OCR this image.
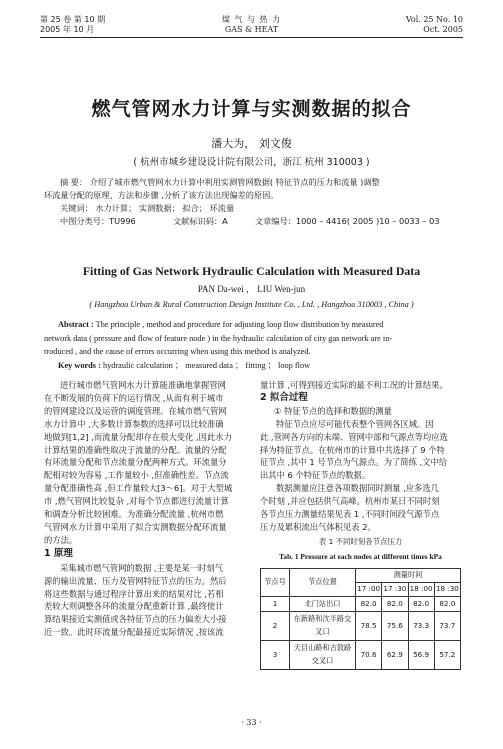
第 25 卷 第 10 期
2005 年 10 月
煤 气 与 热 力
GAS & HEAT
Vol. 25 No. 10
Oct. 2005
燃气管网水力计算与实测数据的拟合
潘大为， 刘文俊
( 杭州市城乡建设设计院有限公司，浙江 杭州 310003 )
摘 要： 介绍了城市燃气管网水力计算中利用实测管网数据( 特征节点的压力和流量 )调整
环流量分配的原理、方法和步骤 ,分析了该方法出现偏差的原因。
关键词： 水力计算； 实测数据； 拟合； 环流量
中图分类号：TU996	文献标识码：A	文章编号：1000 – 4416( 2005 )10 – 0033 – 03
Fitting of Gas Network Hydraulic Calculation with Measured Data
PAN Da-wei ， LIU Wen-jun
( Hangzhou Urban & Rural Construction Design Institute Co. , Ltd. , Hangzhou 310003 , China )
Abstract : The principle , method and procedure for adjusting loop flow distribution by measured
network data ( pressure and flow of feature node ) in the hydraulic calculation of city gas network are in-
troduced , and the cause of errors occurring when using this method is analyzed.
Key words : hydraulic calculation ； measured data ； fitting ； loop flow
进行城市燃气管网水力计算能准确地掌握管网
在不断发展的负荷下的运行情况 ,从而有利于城市
的管网建设以及运营的调度管理。在城市燃气管网
水力计算中 ,大多数计算参数的选择可以比较准确
地做到[1,2] ,而流量分配却存在很大变化 ,因此水力
计算结果的准确性取决于流量的分配。流量的分配
有环流量分配和节点流量分配两种方式。环流量分
配相对较为容易 ,工作量较小 ,但准确性差。节点流
量分配准确性高 ,但工作量较大[3～6]。对于大型城
市 ,燃气管网比较复杂 ,对每个节点都进行流量计算
和调查分析比较困难。为准确分配流量 ,杭州市燃
气管网水力计算中采用了拟合实测数据分配环流量
的方法。
1 原理
采集城市燃气管网的数据 ,主要是某一时刻气
源的输出流量、压力及管网特征节点的压力。然后
将这些数据与通过程序计算出来的结果对比 ,若相
差较大则调整各环的流量分配重新计算 ,最终使计
算结果接近实测值或各特征节点的压力偏差大小接
近一致。此时环流量分配最接近实际情况 ,按该流
量计算 ,可得到接近实际的最不利工况的计算结果。
2 拟合过程
① 特征节点的选择和数据的测量
特征节点应尽可能代表整个管网各区域。因
此 ,管网各方向的末端、管网中部和气源点等均应选
择为特征节点。在杭州市的计算中共选择了 9 个特
征节点 ,其中 1 号节点为气源点。为了简练 ,文中给
出其中 6 个特征节点的数据。
数据测量应注意各项数据同时测量 ,应多选几
个时刻 ,并应包括供气高峰。杭州市某日不同时刻
各节点压力测量结果见表 1 ,不同时间段气源节点
压力及累积流出气体积见表 2。
表 1 不同时刻各节点压力
Tab. 1 Pressure at each nodes at different times kPa
节点号	节点位置	测量时间			
		17 :00	17 :30	18 :00	18 :30
1	北门站出口	82.0	82.0	82.0	82.0
2	东新路和沈半路交叉口	78.5	75.6	73.3	73.7
3	天目山路和古敦路交叉口	70.6	62.9	56.9	57.2
· 33 ·
